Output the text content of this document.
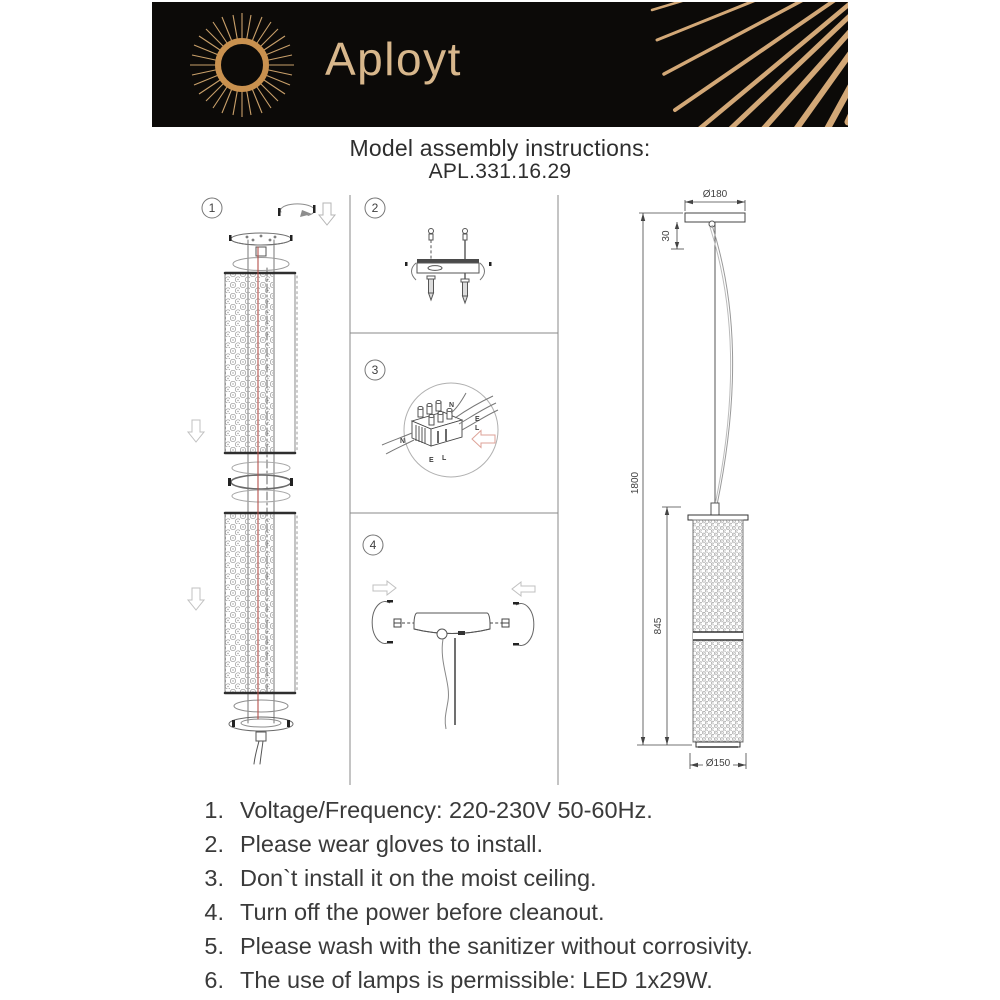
Aployt
Model assembly instructions:
APL.331.16.29
1	2
3
N
E
L
N
E L
4
Ø180
30
1800
845
Ø150
1. Voltage/Frequency: 220-230V 50-60Hz.
2. Please wear gloves to install.
3. Don`t install it on the moist ceiling.
4. Turn off the power before cleanout.
5. Please wash with the sanitizer without corrosivity.
6. The use of lamps is permissible: LED 1x29W.
